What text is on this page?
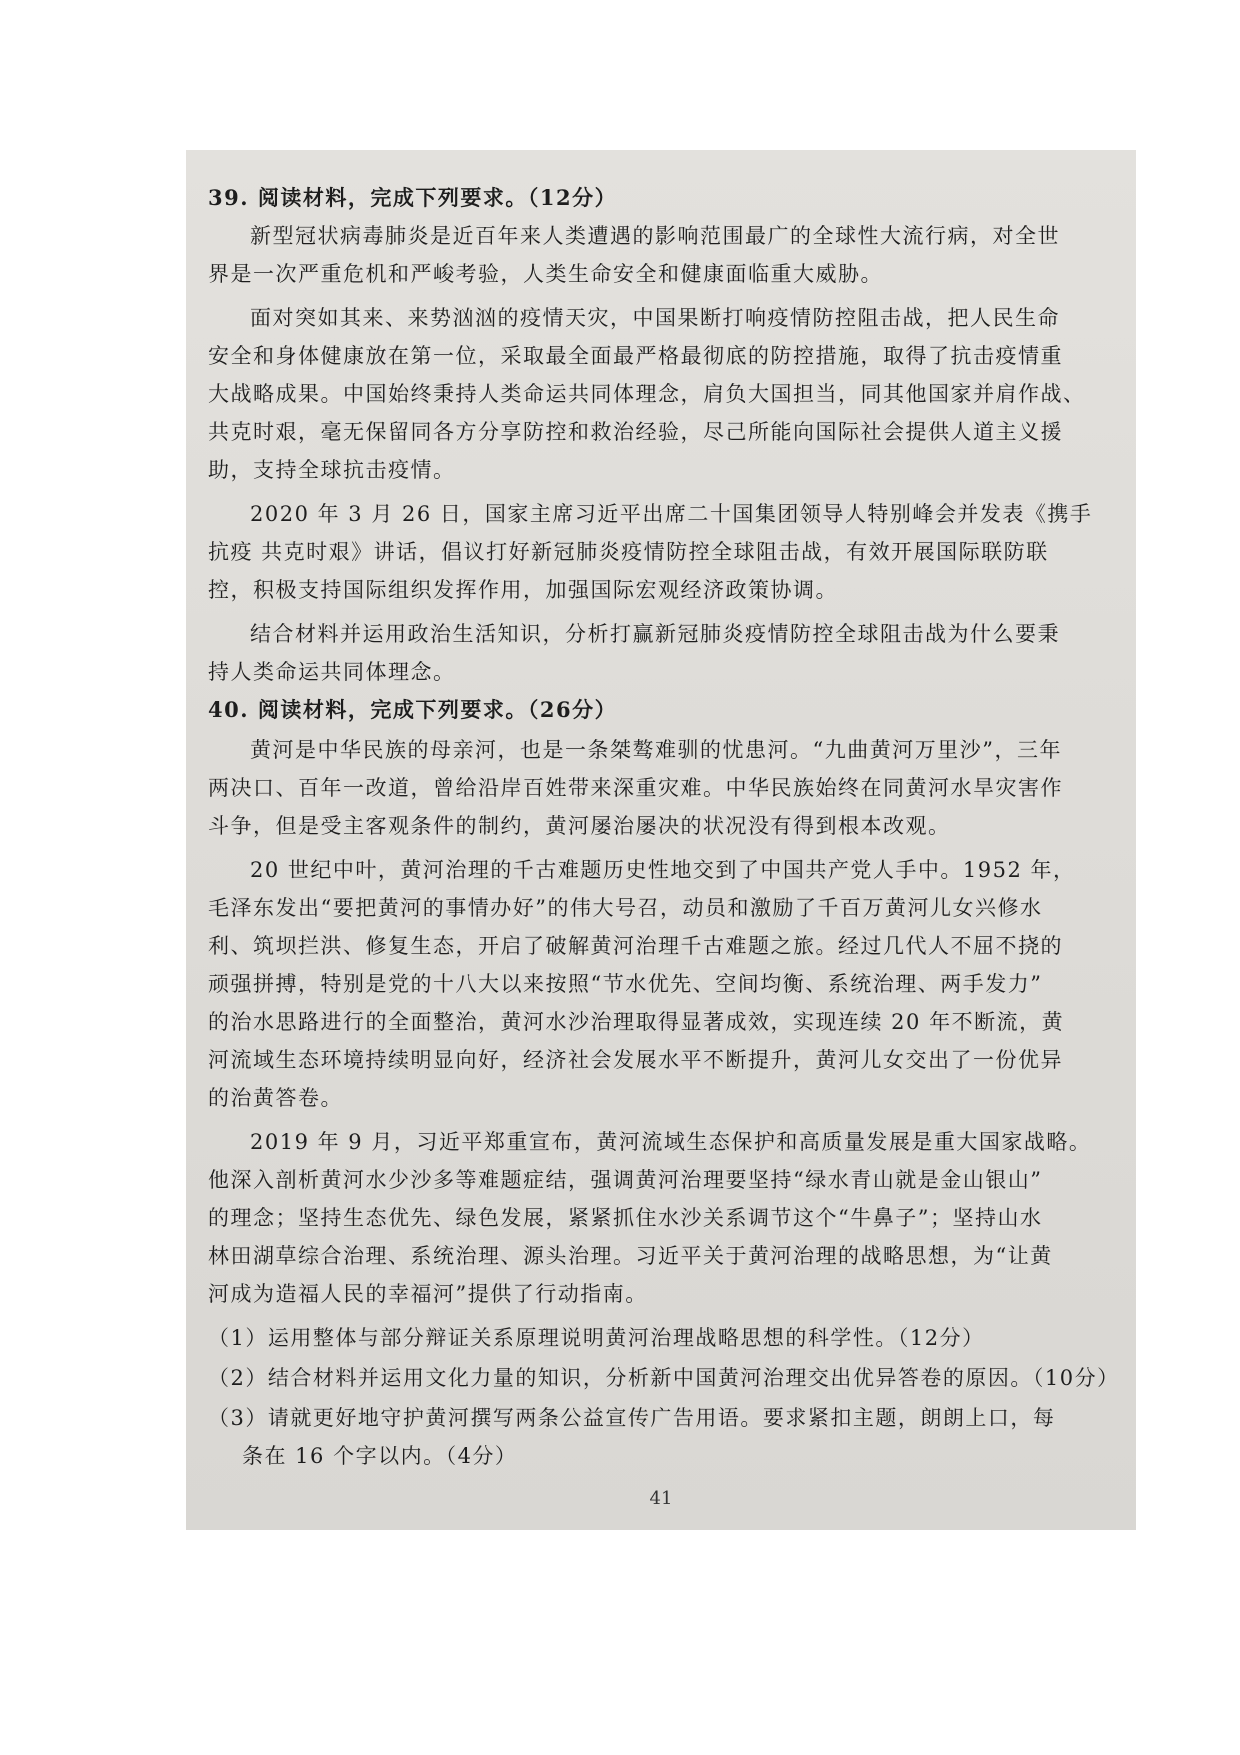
39. 阅读材料，完成下列要求。（12分）
新型冠状病毒肺炎是近百年来人类遭遇的影响范围最广的全球性大流行病，对全世
界是一次严重危机和严峻考验，人类生命安全和健康面临重大威胁。
面对突如其来、来势汹汹的疫情天灾，中国果断打响疫情防控阻击战，把人民生命
安全和身体健康放在第一位，采取最全面最严格最彻底的防控措施，取得了抗击疫情重
大战略成果。中国始终秉持人类命运共同体理念，肩负大国担当，同其他国家并肩作战、
共克时艰，毫无保留同各方分享防控和救治经验，尽己所能向国际社会提供人道主义援
助，支持全球抗击疫情。
2020 年 3 月 26 日，国家主席习近平出席二十国集团领导人特别峰会并发表《携手
抗疫 共克时艰》讲话，倡议打好新冠肺炎疫情防控全球阻击战，有效开展国际联防联
控，积极支持国际组织发挥作用，加强国际宏观经济政策协调。
结合材料并运用政治生活知识，分析打赢新冠肺炎疫情防控全球阻击战为什么要秉
持人类命运共同体理念。
40. 阅读材料，完成下列要求。（26分）
黄河是中华民族的母亲河，也是一条桀骜难驯的忧患河。“九曲黄河万里沙”，三年
两决口、百年一改道，曾给沿岸百姓带来深重灾难。中华民族始终在同黄河水旱灾害作
斗争，但是受主客观条件的制约，黄河屡治屡决的状况没有得到根本改观。
20 世纪中叶，黄河治理的千古难题历史性地交到了中国共产党人手中。1952 年，
毛泽东发出“要把黄河的事情办好”的伟大号召，动员和激励了千百万黄河儿女兴修水
利、筑坝拦洪、修复生态，开启了破解黄河治理千古难题之旅。经过几代人不屈不挠的
顽强拼搏，特别是党的十八大以来按照“节水优先、空间均衡、系统治理、两手发力”
的治水思路进行的全面整治，黄河水沙治理取得显著成效，实现连续 20 年不断流，黄
河流域生态环境持续明显向好，经济社会发展水平不断提升，黄河儿女交出了一份优异
的治黄答卷。
2019 年 9 月，习近平郑重宣布，黄河流域生态保护和高质量发展是重大国家战略。
他深入剖析黄河水少沙多等难题症结，强调黄河治理要坚持“绿水青山就是金山银山”
的理念；坚持生态优先、绿色发展，紧紧抓住水沙关系调节这个“牛鼻子”；坚持山水
林田湖草综合治理、系统治理、源头治理。习近平关于黄河治理的战略思想，为“让黄
河成为造福人民的幸福河”提供了行动指南。
（1）运用整体与部分辩证关系原理说明黄河治理战略思想的科学性。（12分）
（2）结合材料并运用文化力量的知识，分析新中国黄河治理交出优异答卷的原因。（10分）
（3）请就更好地守护黄河撰写两条公益宣传广告用语。要求紧扣主题，朗朗上口，每
条在 16 个字以内。（4分）
41
